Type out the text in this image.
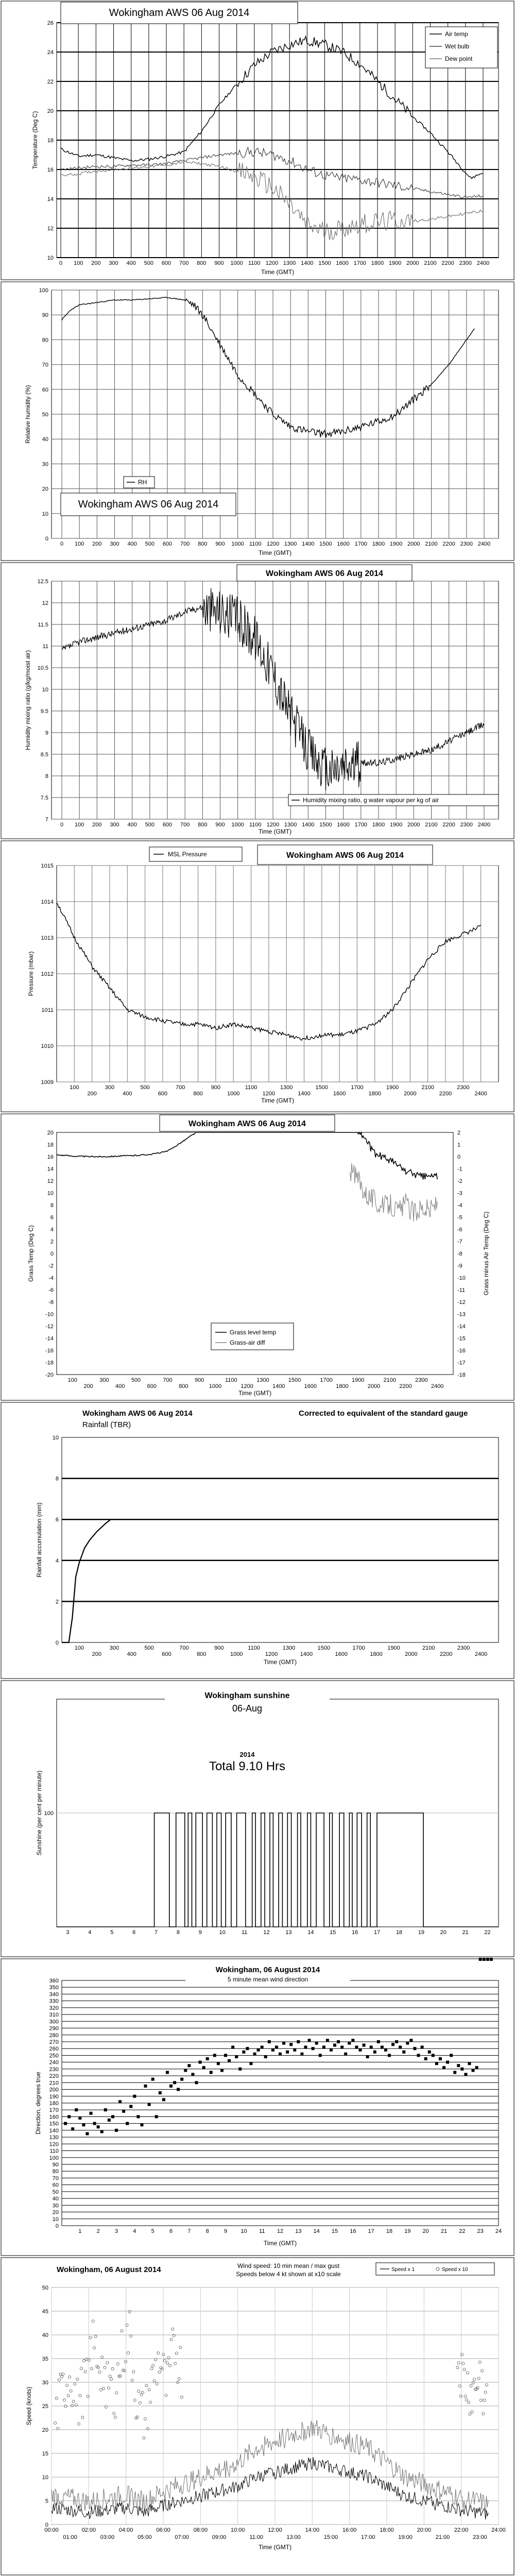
10
12
14
16
18
20
22
24
26
0 100 200 300 400 500 600 700 800 900 1000 1100 1200 1300 1400 1500 1600 1700 1800 1900 2000 2100 2200 2300 2400
Temperature (Deg C)
Time (GMT)
Wokingham AWS 06 Aug 2014
Air temp
Wet bulb
Dew point
0
10
20
30
40
50
60
70
80
90
100
0 100 200 300 400 500 600 700 800 900 1000 1100 1200 1300 1400 1500 1600 1700 1800 1900 2000 2100 2200 2300 2400
Relative humidity (%)
Time (GMT)
Wokingham AWS 06 Aug 2014
RH
7
7.5
8
8.5
9
9.5
10
10.5
11
11.5
12
12.5
0 100 200 300 400 500 600 700 800 900 1000 1100 1200 1300 1400 1500 1600 1700 1800 1900 2000 2100 2200 2300 2400
Humidity mixing ratio (g/kg/moist air)
Time (GMT)
Wokingham AWS 06 Aug 2014
Humidity mixing ratio, g water vapour per kg of air
1009
1010
1011
1012
1013
1014
1015
100
200
300
400
500
600
700
800
900
1000
1100
1200
1300
1400
1500
1600
1700
1800
1900
2000
2100
2200
2300
2400
Pressure (mbar)
Time (GMT)
Wokingham AWS 06 Aug 2014
MSL Pressure
-20
-18
-16
-14
-12
-10
-8
-6
-4
-2
0
2
4
6
8
10
12
14
16
18
20
-18
-17
-16
-15
-14
-13
-12
-11
-10
-9
-8
-7
-6
-5
-4
-3
-2
-1
0
1
2
100
200
300
400
500
600
700
800
900
1000
1100
1200
1300
1400
1500
1600
1700
1800
1900
2000
2100
2200
2300
2400
Grass Temp (Deg C)	Grass minus Air Temp (Deg C)
Time (GMT)
Wokingham AWS 06 Aug 2014
Grass level temp
Grass-air diff
0
2
4
6
8
10
100
200
300
400
500
600
700
800
900
1000
1100
1200
1300
1400
1500
1600
1700
1800
1900
2000
2100
2200
2300
2400
Rainfall accumulation (mm)
Time (GMT)
Wokingham AWS 06 Aug 2014
Rainfall (TBR)
Corrected to equivalent of the standard gauge
100
3	4	5	6	7	8	9	10	11	12	13	14	15	16	17	18	19	20	21	22
Sunshine (per cent per minute)
Wokingham sunshine
06-Aug
2014
Total 9.10 Hrs
0
10
20
30
40
50
60
70
80
90
100
110
120
130
140
150
160
170
180
190
200
210
220
230
240
250
260
270
280
290
300
310
320
330
340
350
360
1	2	3	4	5	6	7	8	9 10 11 12 13 14 15 16 17 18 19 20 21 22 23 24
Direction, degrees true
Time (GMT)
Wokingham, 06 August 2014
5 minute mean wind direction
0
5
10
15
20
25
30
35
40
45
50
00:00	02:00	04:00	06:00	08:00	10:00	12:00	14:00	16:00	18:00	20:00	22:00	24:00
01:00	03:00	05:00	07:00	09:00	11:00	13:00	15:00	17:00	19:00	21:00	23:00
Speed (knots)
Time (GMT)
Wokingham, 06 August 2014	Wind speed: 10 min mean / max gust
Speeds below 4 kt shown at x10 scale
Speed x 1	Speed x 10
